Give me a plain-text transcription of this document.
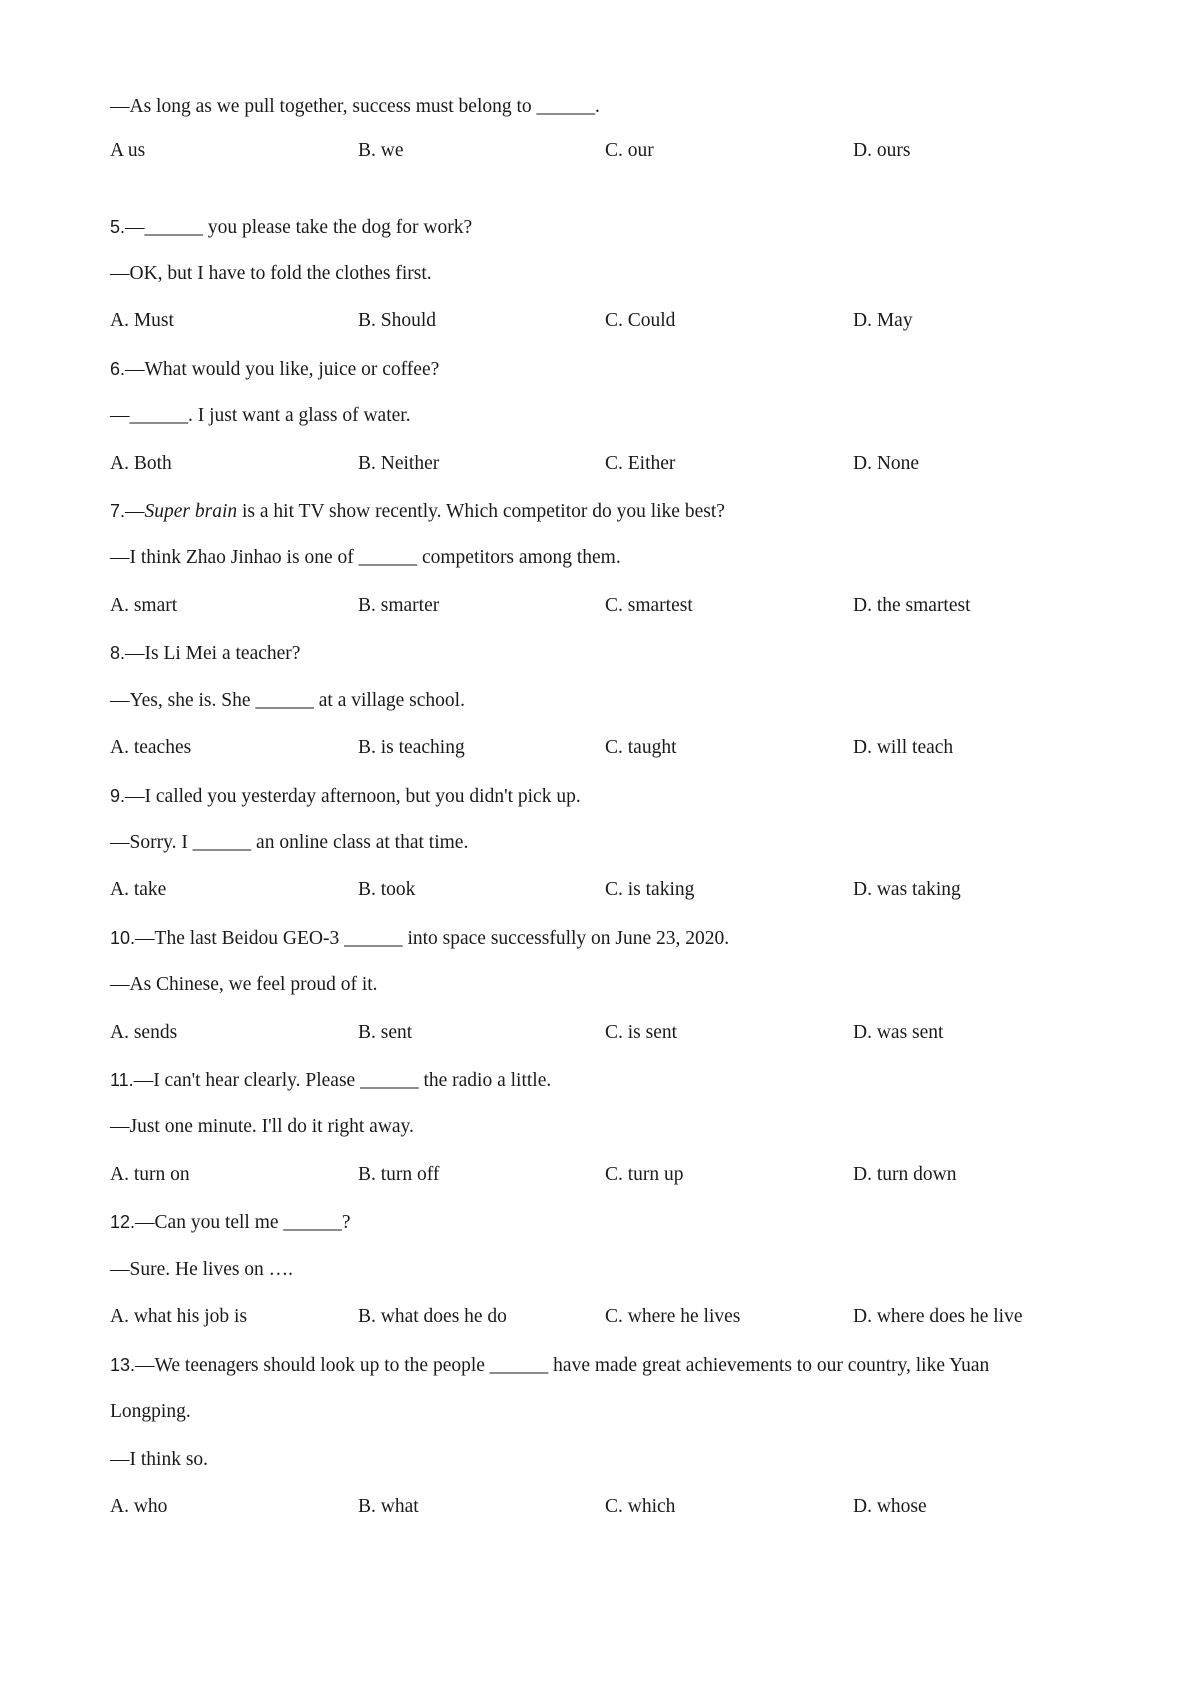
—As long as we pull together, success must belong to ______.
A us	B. we	C. our	D. ours
5.—______ you please take the dog for work?
—OK, but I have to fold the clothes first.
A. Must	B. Should	C. Could	D. May
6.—What would you like, juice or coffee?
—______. I just want a glass of water.
A. Both	B. Neither	C. Either	D. None
7.—Super brain is a hit TV show recently. Which competitor do you like best?
—I think Zhao Jinhao is one of ______ competitors among them.
A. smart	B. smarter	C. smartest	D. the smartest
8.—Is Li Mei a teacher?
—Yes, she is. She ______ at a village school.
A. teaches	B. is teaching	C. taught	D. will teach
9.—I called you yesterday afternoon, but you didn't pick up.
—Sorry. I ______ an online class at that time.
A. take	B. took	C. is taking	D. was taking
10.—The last Beidou GEO-3 ______ into space successfully on June 23, 2020.
—As Chinese, we feel proud of it.
A. sends	B. sent	C. is sent	D. was sent
11.—I can't hear clearly. Please ______ the radio a little.
—Just one minute. I'll do it right away.
A. turn on	B. turn off	C. turn up	D. turn down
12.—Can you tell me ______?
—Sure. He lives on ….
A. what his job is	B. what does he do	C. where he lives	D. where does he live
13.—We teenagers should look up to the people ______ have made great achievements to our country, like Yuan
Longping.
—I think so.
A. who	B. what	C. which	D. whose
